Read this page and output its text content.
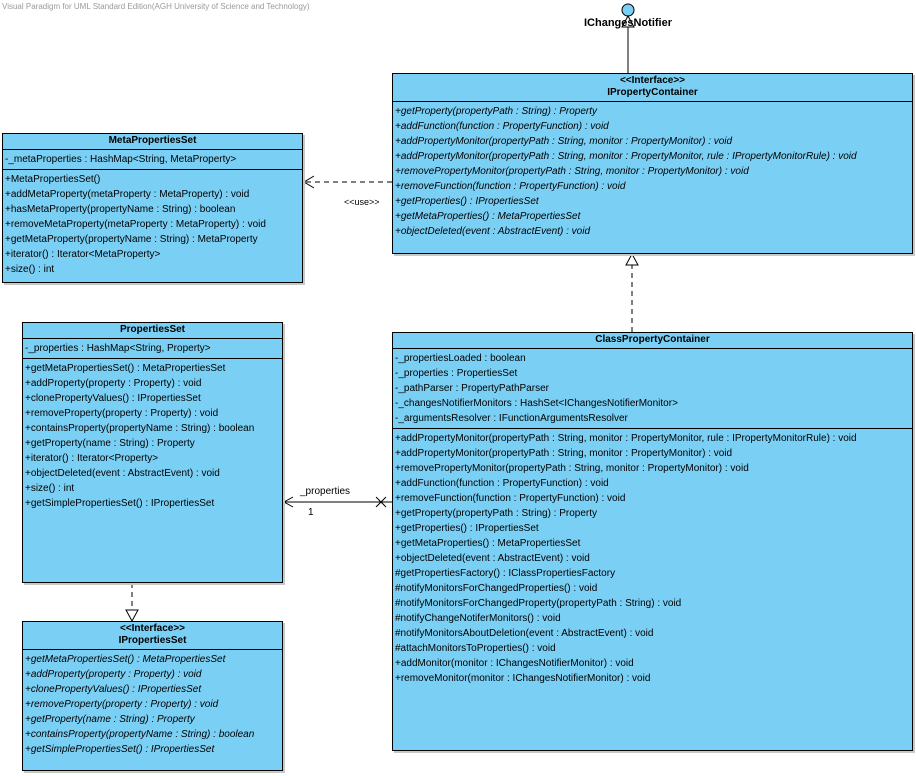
Visual Paradigm for UML Standard Edition(AGH University of Science and Technology)
IChangesNotifier
<<use>>
_properties
1
<<Interface>>
IPropertyContainer
+getProperty(propertyPath : String) : Property
+addFunction(function : PropertyFunction) : void
+addPropertyMonitor(propertyPath : String, monitor : PropertyMonitor) : void
+addPropertyMonitor(propertyPath : String, monitor : PropertyMonitor, rule : IPropertyMonitorRule) : void
+removePropertyMonitor(propertyPath : String, monitor : PropertyMonitor) : void
+removeFunction(function : PropertyFunction) : void
+getProperties() : IPropertiesSet
+getMetaProperties() : MetaPropertiesSet
+objectDeleted(event : AbstractEvent) : void
MetaPropertiesSet
-_metaProperties : HashMap<String, MetaProperty>
+MetaPropertiesSet()
+addMetaProperty(metaProperty : MetaProperty) : void
+hasMetaProperty(propertyName : String) : boolean
+removeMetaProperty(metaProperty : MetaProperty) : void
+getMetaProperty(propertyName : String) : MetaProperty
+iterator() : Iterator<MetaProperty>
+size() : int
PropertiesSet
-_properties : HashMap<String, Property>
+getMetaPropertiesSet() : MetaPropertiesSet
+addProperty(property : Property) : void
+clonePropertyValues() : IPropertiesSet
+removeProperty(property : Property) : void
+containsProperty(propertyName : String) : boolean
+getProperty(name : String) : Property
+iterator() : Iterator<Property>
+objectDeleted(event : AbstractEvent) : void
+size() : int
+getSimplePropertiesSet() : IPropertiesSet
ClassPropertyContainer
-_propertiesLoaded : boolean
-_properties : PropertiesSet
-_pathParser : PropertyPathParser
-_changesNotifierMonitors : HashSet<IChangesNotifierMonitor>
-_argumentsResolver : IFunctionArgumentsResolver
+addPropertyMonitor(propertyPath : String, monitor : PropertyMonitor, rule : IPropertyMonitorRule) : void
+addPropertyMonitor(propertyPath : String, monitor : PropertyMonitor) : void
+removePropertyMonitor(propertyPath : String, monitor : PropertyMonitor) : void
+addFunction(function : PropertyFunction) : void
+removeFunction(function : PropertyFunction) : void
+getProperty(propertyPath : String) : Property
+getProperties() : IPropertiesSet
+getMetaProperties() : MetaPropertiesSet
+objectDeleted(event : AbstractEvent) : void
#getPropertiesFactory() : IClassPropertiesFactory
#notifyMonitorsForChangedProperties() : void
#notifyMonitorsForChangedProperty(propertyPath : String) : void
#notifyChangeNotiferMonitors() : void
#notifyMonitorsAboutDeletion(event : AbstractEvent) : void
#attachMonitorsToProperties() : void
+addMonitor(monitor : IChangesNotifierMonitor) : void
+removeMonitor(monitor : IChangesNotifierMonitor) : void
<<Interface>>
IPropertiesSet
+getMetaPropertiesSet() : MetaPropertiesSet
+addProperty(property : Property) : void
+clonePropertyValues() : IPropertiesSet
+removeProperty(property : Property) : void
+getProperty(name : String) : Property
+containsProperty(propertyName : String) : boolean
+getSimplePropertiesSet() : IPropertiesSet
